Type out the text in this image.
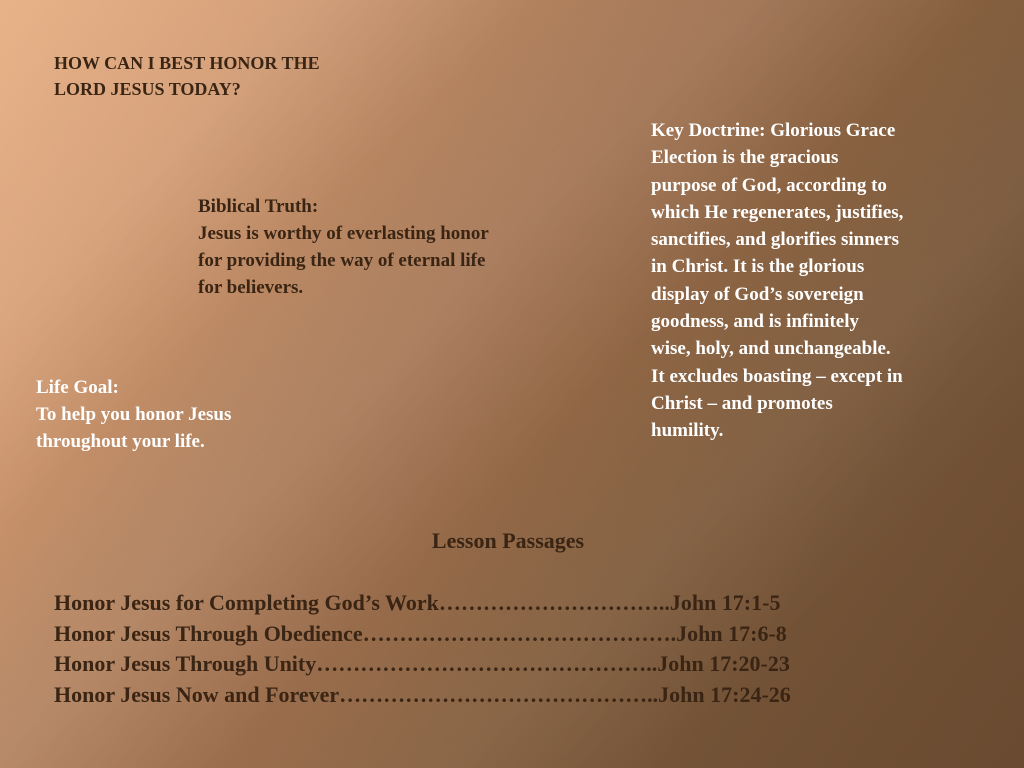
HOW CAN I BEST HONOR THE
LORD JESUS TODAY?
Biblical Truth:
Jesus is worthy of everlasting honor
for providing the way of eternal life
for believers.
Key Doctrine: Glorious Grace
Election is the gracious
purpose of God, according to
which He regenerates, justifies,
sanctifies, and glorifies sinners
in Christ. It is the glorious
display of God’s sovereign
goodness, and is infinitely
wise, holy, and unchangeable.
It excludes boasting – except in
Christ – and promotes
humility.
Life Goal:
To help you honor Jesus
throughout your life.
Lesson Passages
Honor Jesus for Completing God’s Work…………………………..John 17:1-5
Honor Jesus Through Obedience…………………………………….John 17:6-8
Honor Jesus Through Unity………………………………………..John 17:20-23
Honor Jesus Now and Forever……………………………………..John 17:24-26
